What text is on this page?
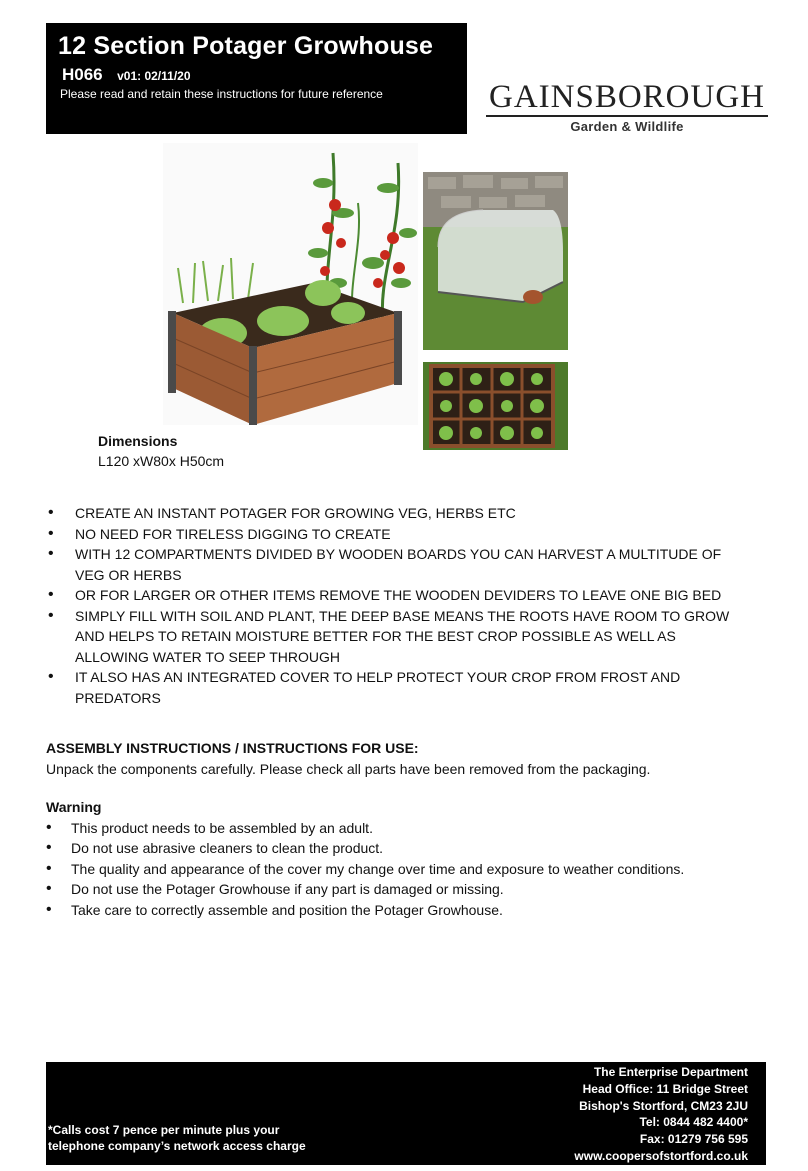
12 Section Potager Growhouse
H066 v01: 02/11/20
Please read and retain these instructions for future reference	GAINSBOROUGH
Garden & Wildlife
Dimensions
L120 xW80x H50cm
• CREATE AN INSTANT POTAGER FOR GROWING VEG, HERBS ETC
• NO NEED FOR TIRELESS DIGGING TO CREATE
• WITH 12 COMPARTMENTS DIVIDED BY WOODEN BOARDS YOU CAN HARVEST A MULTITUDE OF VEG OR HERBS
• OR FOR LARGER OR OTHER ITEMS REMOVE THE WOODEN DEVIDERS TO LEAVE ONE BIG BED
• SIMPLY FILL WITH SOIL AND PLANT, THE DEEP BASE MEANS THE ROOTS HAVE ROOM TO GROW AND HELPS TO RETAIN MOISTURE BETTER FOR THE BEST CROP POSSIBLE AS WELL AS ALLOWING WATER TO SEEP THROUGH
• IT ALSO HAS AN INTEGRATED COVER TO HELP PROTECT YOUR CROP FROM FROST AND PREDATORS
ASSEMBLY INSTRUCTIONS / INSTRUCTIONS FOR USE:
Unpack the components carefully. Please check all parts have been removed from the packaging.
Warning
• This product needs to be assembled by an adult.
• Do not use abrasive cleaners to clean the product.
• The quality and appearance of the cover my change over time and exposure to weather conditions.
• Do not use the Potager Growhouse if any part is damaged or missing.
• Take care to correctly assemble and position the Potager Growhouse.
*Calls cost 7 pence per minute plus your
telephone company’s network access charge
The Enterprise Department
Head Office: 11 Bridge Street
Bishop's Stortford, CM23 2JU
Tel: 0844 482 4400*
Fax: 01279 756 595
www.coopersofstortford.co.uk
